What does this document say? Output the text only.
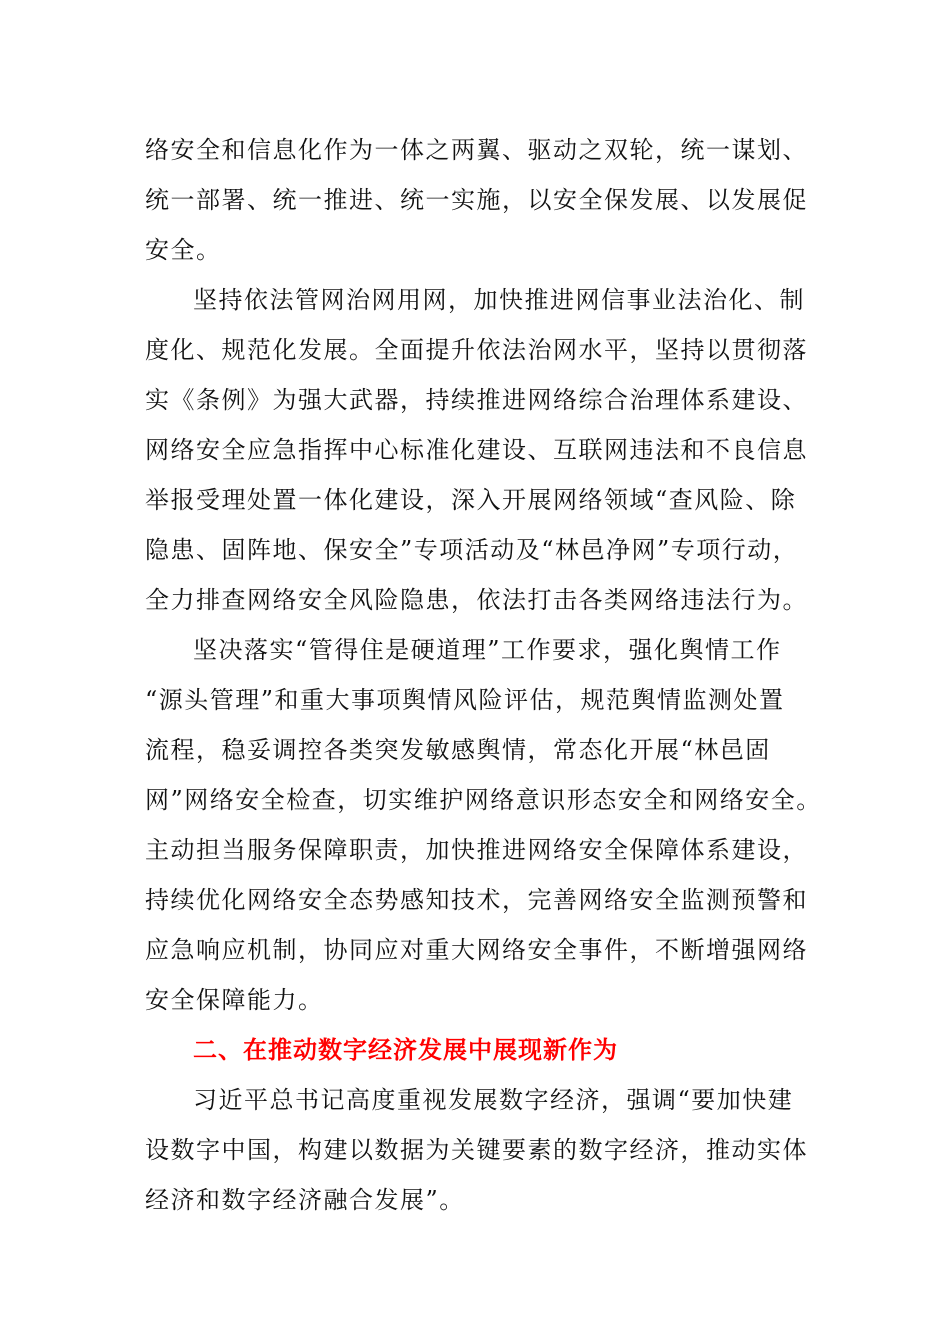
络安全和信息化作为一体之两翼、驱动之双轮，统一谋划、
统一部署、统一推进、统一实施，以安全保发展、以发展促
安全。
坚持依法管网治网用网，加快推进网信事业法治化、制
度化、规范化发展。全面提升依法治网水平，坚持以贯彻落
实《条例》为强大武器，持续推进网络综合治理体系建设、
网络安全应急指挥中心标准化建设、互联网违法和不良信息
举报受理处置一体化建设，深入开展网络领域“查风险、除
隐患、固阵地、保安全”专项活动及“林邑净网”专项行动，
全力排查网络安全风险隐患，依法打击各类网络违法行为。
坚决落实“管得住是硬道理”工作要求，强化舆情工作
“源头管理”和重大事项舆情风险评估，规范舆情监测处置
流程，稳妥调控各类突发敏感舆情，常态化开展“林邑固
网”网络安全检查，切实维护网络意识形态安全和网络安全。
主动担当服务保障职责，加快推进网络安全保障体系建设，
持续优化网络安全态势感知技术，完善网络安全监测预警和
应急响应机制，协同应对重大网络安全事件，不断增强网络
安全保障能力。
二、在推动数字经济发展中展现新作为
习近平总书记高度重视发展数字经济，强调“要加快建
设数字中国，构建以数据为关键要素的数字经济，推动实体
经济和数字经济融合发展”。
